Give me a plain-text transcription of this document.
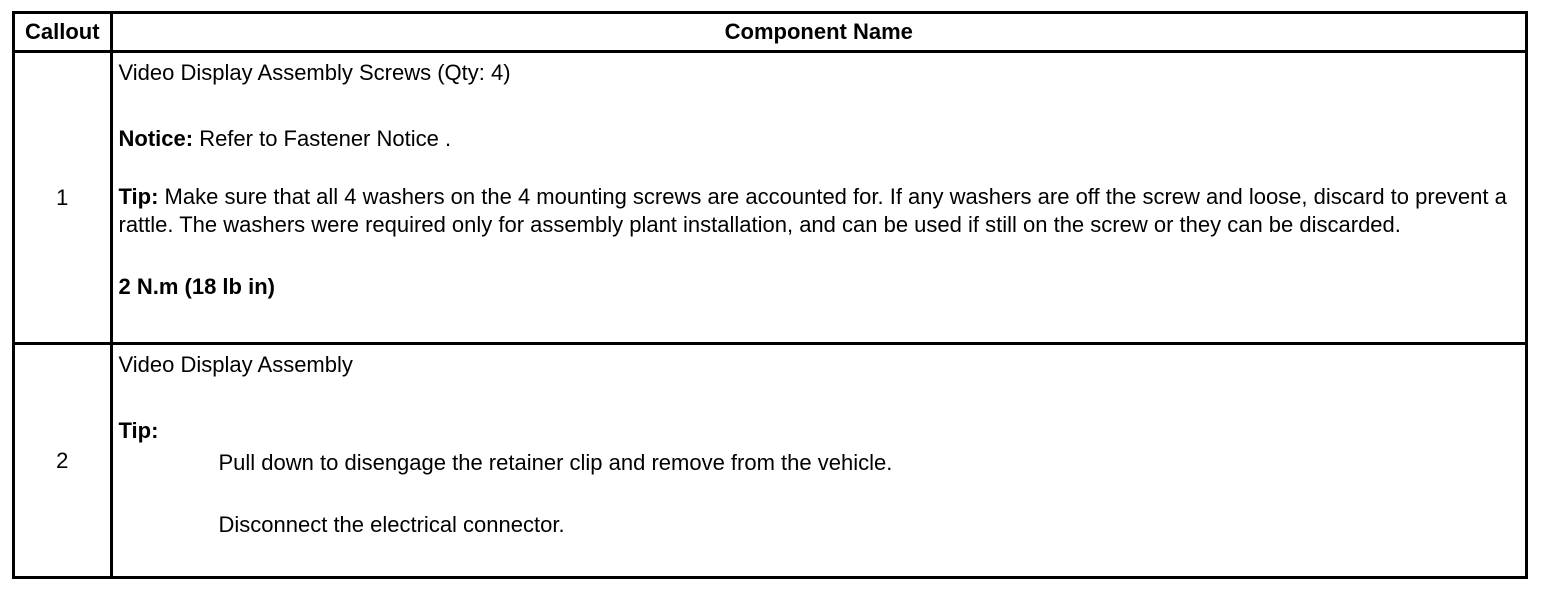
Callout	Component Name
1	Video Display Assembly Screws (Qty: 4)
Notice: Refer to Fastener Notice .
Tip: Make sure that all 4 washers on the 4 mounting screws are accounted for. If any washers are off the screw and loose, discard to prevent a rattle. The washers were required only for assembly plant installation, and can be used if still on the screw or they can be discarded.
2 N.m (18 lb in)

2	Video Display Assembly
Tip:
Pull down to disengage the retainer clip and remove from the vehicle.
Disconnect the electrical connector.
